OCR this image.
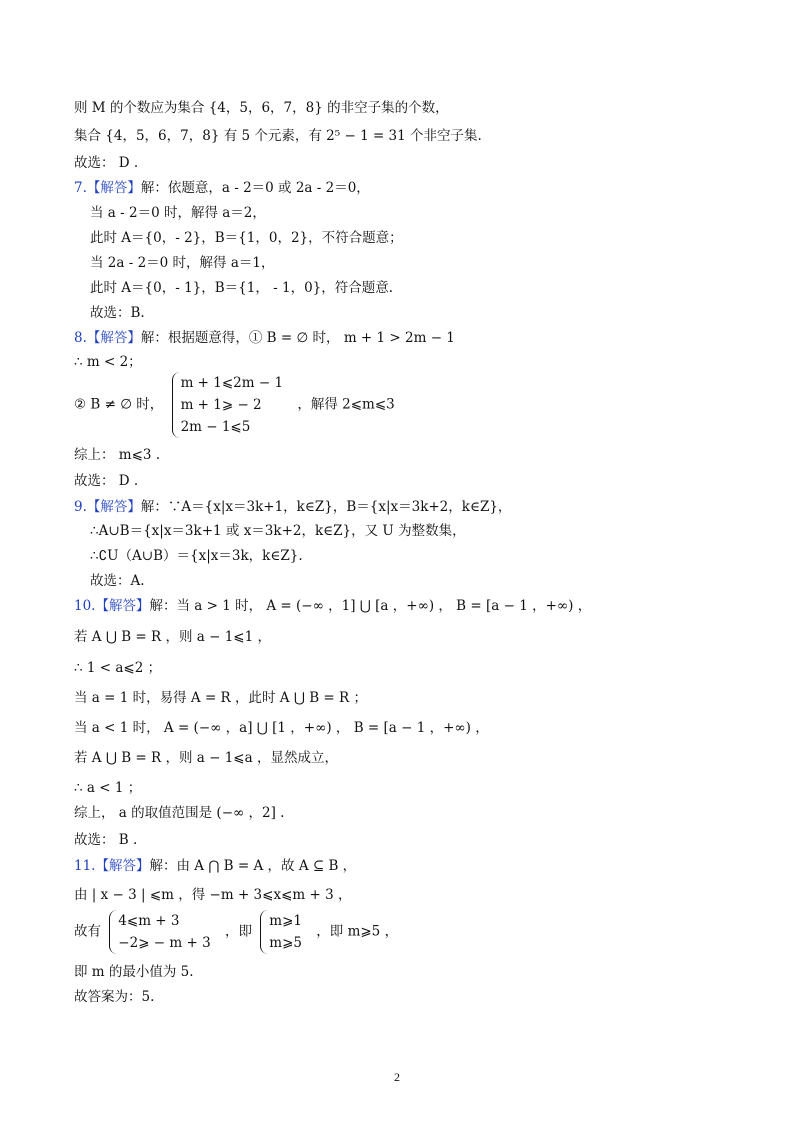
则 M 的个数应为集合 {4，5，6，7，8} 的非空子集的个数，
集合 {4，5，6，7，8} 有 5 个元素，有 2⁵ − 1 = 31 个非空子集.
故选： D .
7.【解答】解：依题意，a - 2＝0 或 2a - 2＝0，
当 a - 2＝0 时，解得 a＝2，
此时 A＝{0，- 2}，B＝{1，0，2}，不符合题意；
当 2a - 2＝0 时，解得 a＝1，
此时 A＝{0，- 1}，B＝{1， - 1，0}，符合题意.
故选：B.
8.【解答】解：根据题意得，① B = ∅ 时， m + 1 > 2m − 1
∴ m < 2；
② B ≠ ∅ 时，
m + 1⩽2m − 1
m + 1⩾ − 2
2m − 1⩽5
，解得 2⩽m⩽3
综上： m⩽3 .
故选： D .
9.【解答】解：∵A＝{x|x＝3k+1，k∈Z}，B＝{x|x＝3k+2，k∈Z}，
∴A∪B＝{x|x＝3k+1 或 x＝3k+2，k∈Z}，又 U 为整数集，
∴∁U（A∪B）＝{x|x＝3k，k∈Z}.
故选：A.
10.【解答】解：当 a > 1 时， A = (−∞ ，1] ⋃ [a ，+∞) ， B = [a − 1 ，+∞) ，
若 A ⋃ B = R ，则 a − 1⩽1 ，
∴ 1 < a⩽2 ；
当 a = 1 时，易得 A = R ，此时 A ⋃ B = R ；
当 a < 1 时， A = (−∞ ，a] ⋃ [1 ，+∞) ， B = [a − 1 ，+∞) ，
若 A ⋃ B = R ，则 a − 1⩽a ，显然成立，
∴ a < 1 ；
综上， a 的取值范围是 (−∞ ，2] .
故选： B .
11.【解答】解：由 A ⋂ B = A ，故 A ⊆ B ，
由 | x − 3 | ⩽m ，得 −m + 3⩽x⩽m + 3 ，
故有
4⩽m + 3
−2⩾ − m + 3
，即
m⩾1
m⩾5
，即 m⩾5 ，
即 m 的最小值为 5.
故答案为：5.
2
